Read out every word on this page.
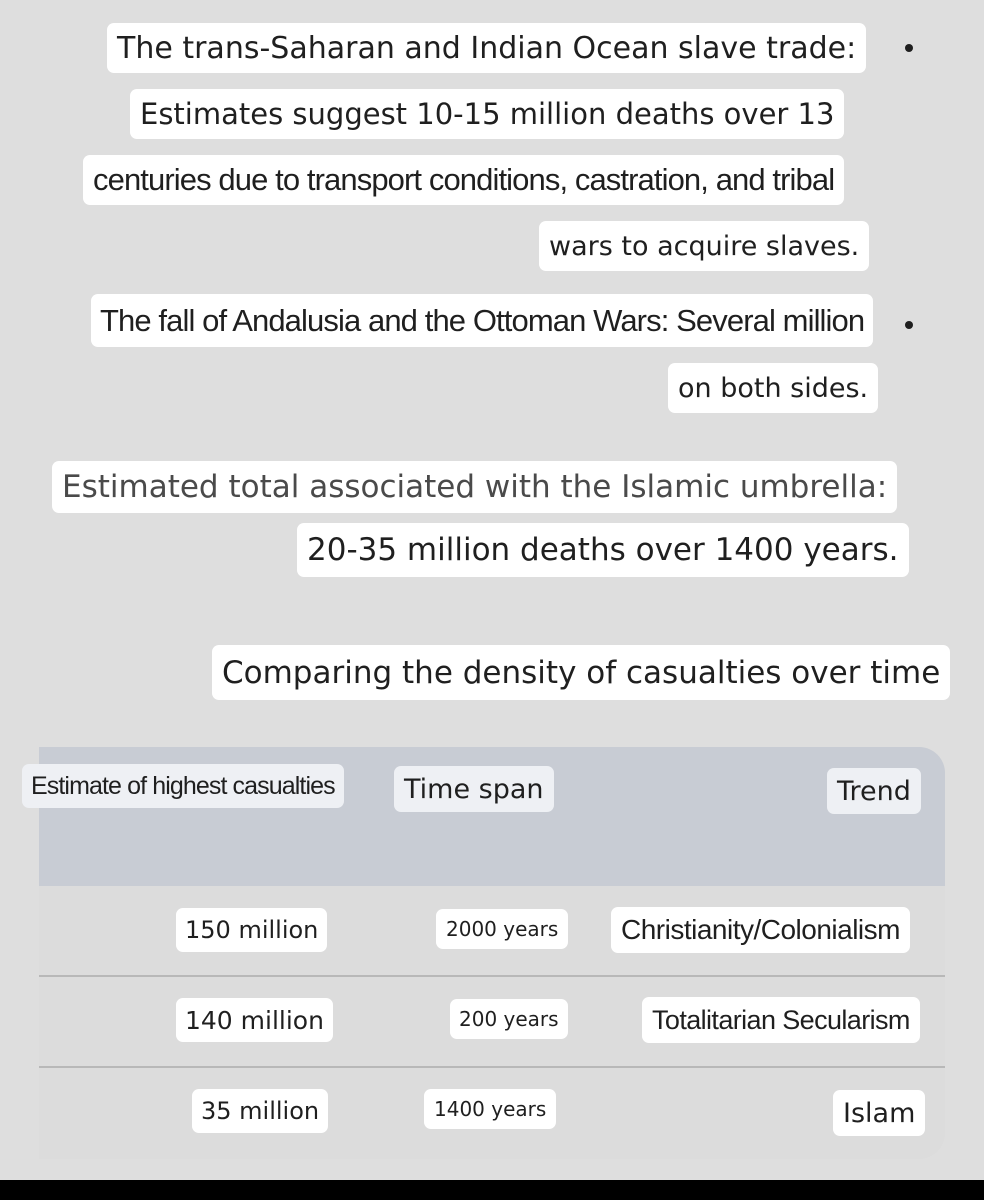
The trans-Saharan and Indian Ocean slave trade:
Estimates suggest 10-15 million deaths over 13
centuries due to transport conditions, castration, and tribal
wars to acquire slaves.
The fall of Andalusia and the Ottoman Wars: Several million
on both sides.
Estimated total associated with the Islamic umbrella:
20-35 million deaths over 1400 years.
Comparing the density of casualties over time
Estimate of highest casualties	Time span	Trend
150 million	2000 years	Christianity/Colonialism
140 million	200 years	Totalitarian Secularism
35 million	1400 years	Islam
